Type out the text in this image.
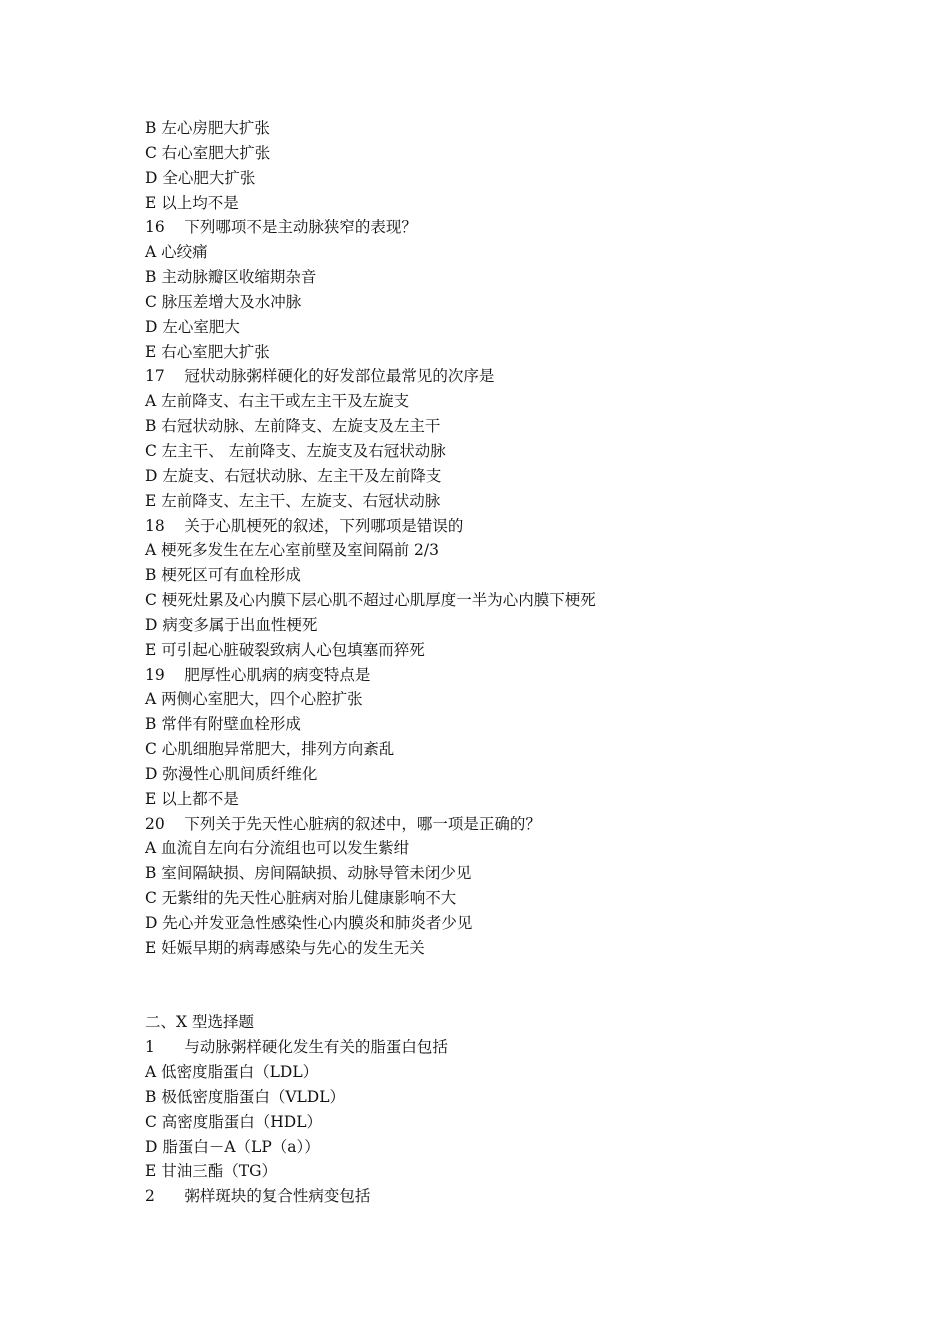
B 左心房肥大扩张
C 右心室肥大扩张
D 全心肥大扩张
E 以上均不是
16    下列哪项不是主动脉狭窄的表现？
A 心绞痛
B 主动脉瓣区收缩期杂音
C 脉压差增大及水冲脉
D 左心室肥大
E 右心室肥大扩张
17    冠状动脉粥样硬化的好发部位最常见的次序是
A 左前降支、右主干或左主干及左旋支
B 右冠状动脉、左前降支、左旋支及左主干
C 左主干、 左前降支、左旋支及右冠状动脉
D 左旋支、右冠状动脉、左主干及左前降支
E 左前降支、左主干、左旋支、右冠状动脉
18    关于心肌梗死的叙述，下列哪项是错误的
A 梗死多发生在左心室前壁及室间隔前 2/3
B 梗死区可有血栓形成
C 梗死灶累及心内膜下层心肌不超过心肌厚度一半为心内膜下梗死
D 病变多属于出血性梗死
E 可引起心脏破裂致病人心包填塞而猝死
19    肥厚性心肌病的病变特点是
A 两侧心室肥大，四个心腔扩张
B 常伴有附壁血栓形成
C 心肌细胞异常肥大，排列方向紊乱
D 弥漫性心肌间质纤维化
E 以上都不是
20    下列关于先天性心脏病的叙述中，哪一项是正确的？
A 血流自左向右分流组也可以发生紫绀
B 室间隔缺损、房间隔缺损、动脉导管未闭少见
C 无紫绀的先天性心脏病对胎儿健康影响不大
D 先心并发亚急性感染性心内膜炎和肺炎者少见
E 妊娠早期的病毒感染与先心的发生无关
二、X 型选择题
1      与动脉粥样硬化发生有关的脂蛋白包括
A 低密度脂蛋白（LDL）
B 极低密度脂蛋白（VLDL）
C 高密度脂蛋白（HDL）
D 脂蛋白－A（LP（a））
E 甘油三酯（TG）
2      粥样斑块的复合性病变包括
